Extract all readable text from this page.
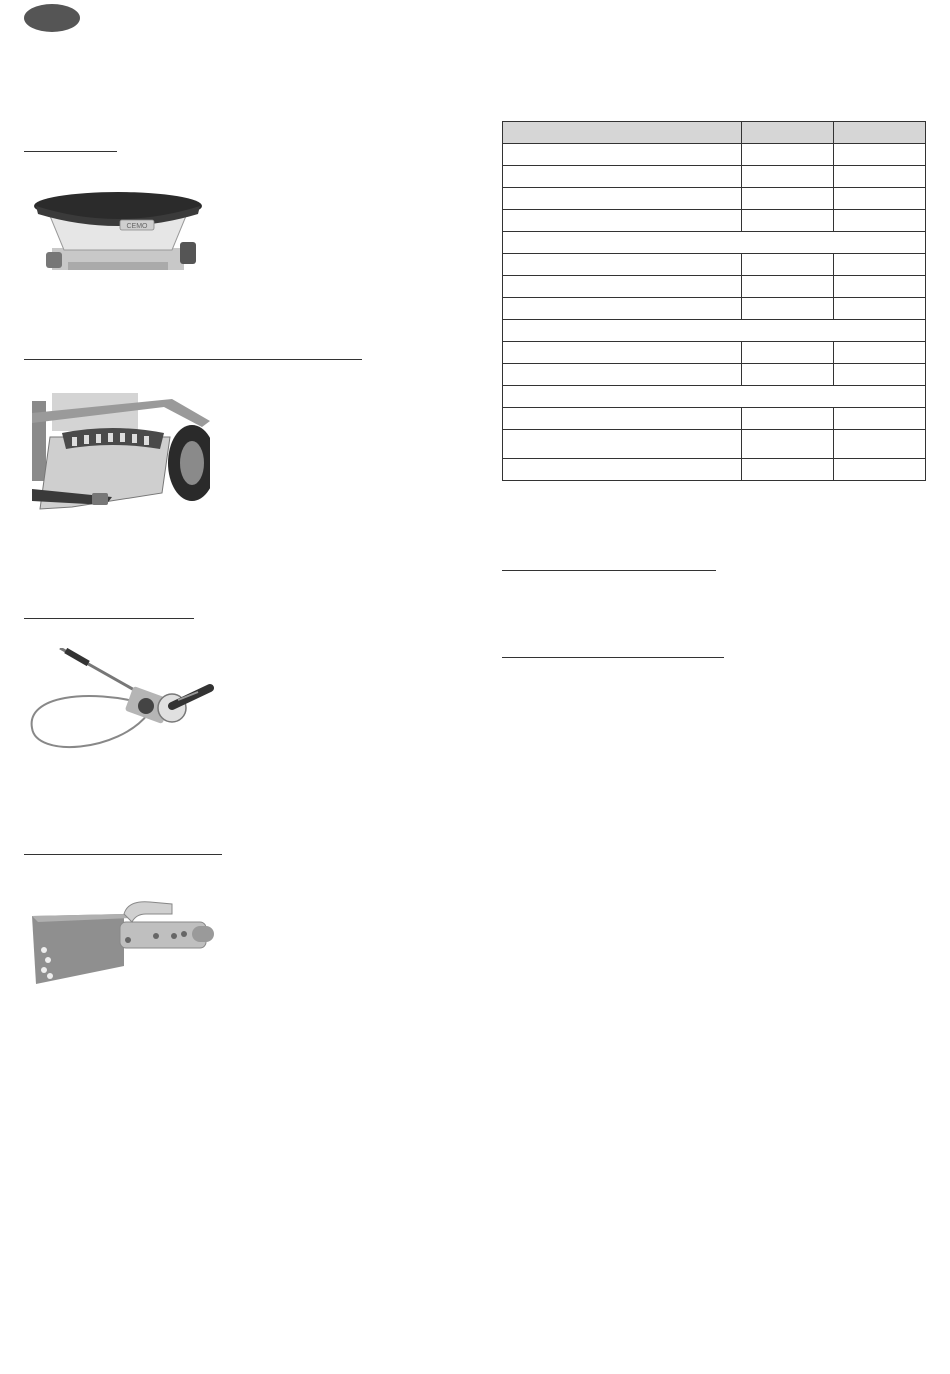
CEMO
